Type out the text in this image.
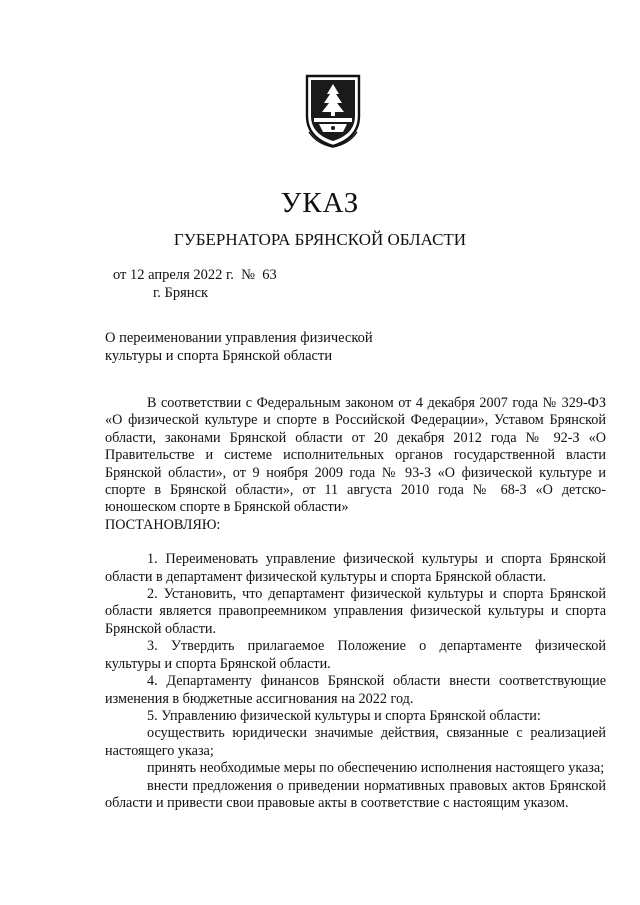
УКАЗ
ГУБЕРНАТОРА БРЯНСКОЙ ОБЛАСТИ
от 12 апреля 2022 г.  №  63
г. Брянск
О переименовании управления физической
культуры и спорта Брянской области

В соответствии с Федеральным законом от 4 декабря 2007 года № 329-ФЗ «О физической культуре и спорте в Российской Федерации», Уставом Брянской области, законами Брянской области от 20 декабря 2012 года № 92-З «О Правительстве и системе исполнительных органов государственной власти Брянской области», от 9 ноября 2009 года № 93-З «О физической культуре и спорте в Брянской области», от 11 августа 2010 года № 68-З «О детско-юношеском спорте в Брянской области»

ПОСТАНОВЛЯЮ:

1. Переименовать управление физической культуры и спорта Брянской области в департамент физической культуры и спорта Брянской области.

2. Установить, что департамент физической культуры и спорта Брянской области является правопреемником управления физической культуры и спорта Брянской области.

3. Утвердить прилагаемое Положение о департаменте физической культуры и спорта Брянской области.

4. Департаменту финансов Брянской области внести соответствующие изменения в бюджетные ассигнования на 2022 год.

5. Управлению физической культуры и спорта Брянской области:

осуществить юридически значимые действия, связанные с реализацией настоящего указа;

принять необходимые меры по обеспечению исполнения настоящего указа;

внести предложения о приведении нормативных правовых актов Брянской области и привести свои правовые акты в соответствие с настоящим указом.
